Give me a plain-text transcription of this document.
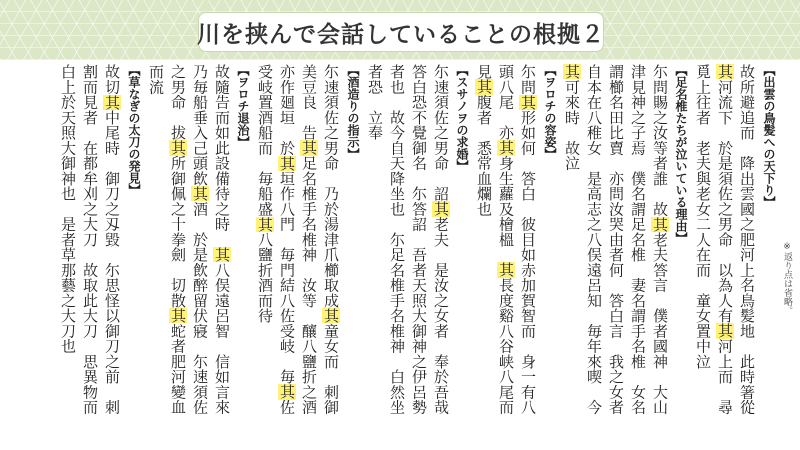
川を挟んで会話していることの根拠２
【出雲の鳥髪への天下り】
故所避追而　降出雲國之肥河上名鳥髪地　此時箸從
其河流下　於是須佐之男命　以為人有其河上而　尋
覓上往者　老夫與老女二人在而　童女置中泣
【足名椎たちが泣いている理由】
尓問賜之汝等者誰　故其老夫答言　僕者國神　大山
津見神之子焉　僕名謂足名椎　妻名謂手名椎　女名
謂櫛名田比賣　亦問汝哭由者何　答白言　我之女者
自本在八稚女　是高志之八俣遠呂知　毎年來喫　今
其可來時　故泣
【ヲロチの容姿】
尓問其形如何　答白　彼目如赤加賀智而　身一有八
頭八尾　亦其身生蘿及檜榲　其長度谿八谷峡八尾而
見其腹者　悉常血爛也
【スサノヲの求婚】
尓速須佐之男命　詔其老夫　是汝之女者　奉於吾哉
答白恐不覺御名　尓答詔　吾者天照大御神之伊呂勢
者也　故今自天降坐也　尓足名椎手名椎神　白然坐
者恐　立奉
【酒造りの指示】
尓速須佐之男命　乃於湯津爪櫛取成其童女而　刺御
美豆良　告其足名椎手名椎神　汝等　釀八鹽折之酒
亦作廻垣　於其垣作八門　毎門結八佐受岐　毎其佐
受岐置酒船而　毎船盛其八鹽折酒而待
【ヲロチ退治】
故隨告而如此設備待之時　其八俣遠呂智　信如言來
乃毎船垂入己頭飲其酒　於是飲醉留伏寢　尓速須佐
之男命　拔其所御佩之十拳劍　切散其蛇者肥河變血
而流
【草なぎの太刀の発見】
故切其中尾時　御刀之刄毀　尓思怪以御刀之前　刺
割而見者　在都牟刈之大刀　故取此大刀　思異物而
白上於天照大御神也　是者草那藝之大刀也	※返り点は省略。
